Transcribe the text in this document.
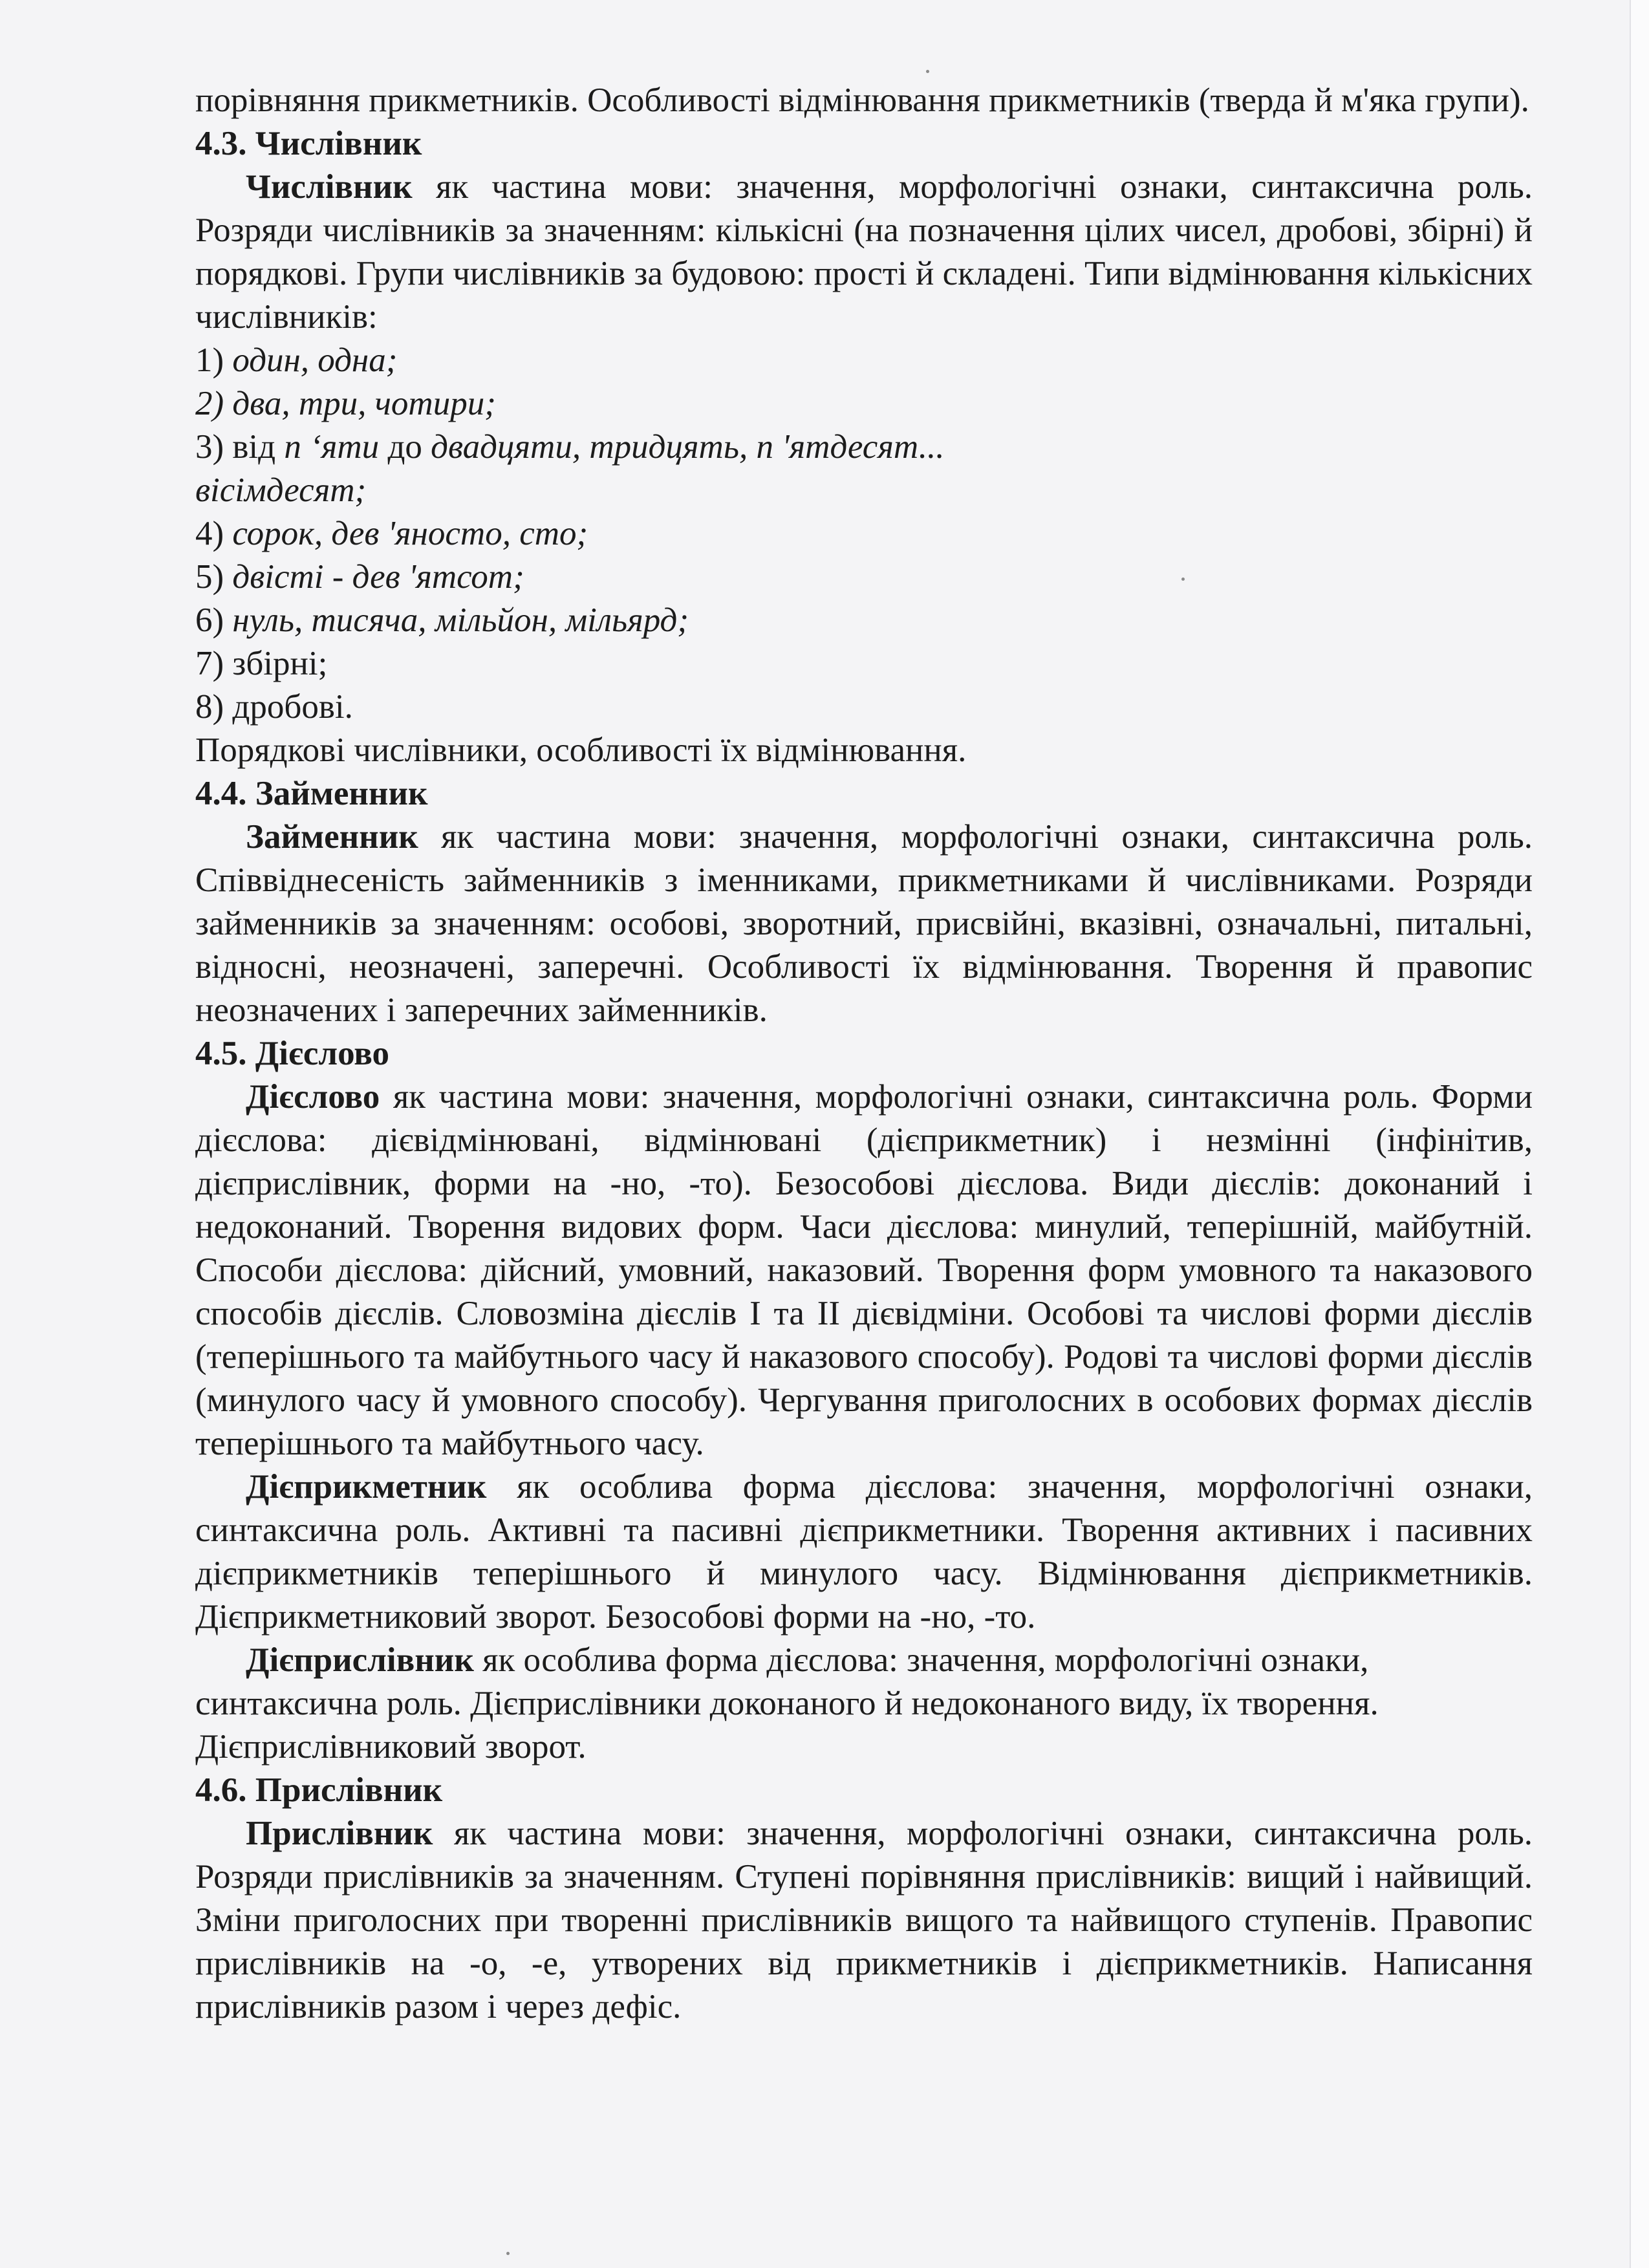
порівняння прикметників. Особливості відмінювання прикметників (тверда й м'яка групи).

4.3. Числівник

Числівник як частина мови: значення, морфологічні ознаки, синтаксична роль. Розряди числівників за значенням: кількісні (на позначення цілих чисел, дробові, збірні) й порядкові. Групи числівників за будовою: прості й складені. Типи відмінювання кількісних числівників:

1) один, одна;

2) два, три, чотири;

3) від п ‘яти до двадцяти, тридцять, п 'ятдесят...

вісімдесят;

4) сорок, дев 'яносто, сто;

5) двісті - дев 'ятсот;

6) нуль, тисяча, мільйон, мільярд;

7) збірні;

8) дробові.

Порядкові числівники, особливості їх відмінювання.

4.4. Займенник

Займенник як частина мови: значення, морфологічні ознаки, синтаксична роль. Співвіднесеність займенників з іменниками, прикметниками й числівниками. Розряди займенників за значенням: особові, зворотний, присвійні, вказівні, означальні, питальні, відносні, неозначені, заперечні. Особливості їх відмінювання. Творення й правопис неозначених і заперечних займенників.

4.5. Дієслово

Дієслово як частина мови: значення, морфологічні ознаки, синтаксична роль. Форми дієслова: дієвідмінювані, відмінювані (дієприкметник) і незмінні (інфінітив, дієприслівник, форми на -но, -то). Безособові дієслова. Види дієслів: доконаний і недоконаний. Творення видових форм. Часи дієслова: минулий, теперішній, майбутній. Способи дієслова: дійсний, умовний, наказовий. Творення форм умовного та наказового способів дієслів. Словозміна дієслів І та II дієвідміни. Особові та числові форми дієслів (теперішнього та майбутнього часу й наказового способу). Родові та числові форми дієслів (минулого часу й умовного способу). Чергування приголосних в особових формах дієслів теперішнього та майбутнього часу.

Дієприкметник як особлива форма дієслова: значення, морфологічні ознаки, синтаксична роль. Активні та пасивні дієприкметники. Творення активних і пасивних дієприкметників теперішнього й минулого часу. Відмінювання дієприкметників. Дієприкметниковий зворот. Безособові форми на -но, -то.

Дієприслівник як особлива форма дієслова: значення, морфологічні ознаки,

синтаксична роль. Дієприслівники доконаного й недоконаного виду, їх творення.

Дієприслівниковий зворот.

4.6. Прислівник

Прислівник як частина мови: значення, морфологічні ознаки, синтаксична роль. Розряди прислівників за значенням. Ступені порівняння прислівників: вищий і найвищий. Зміни приголосних при творенні прислівників вищого та найвищого ступенів. Правопис прислівників на -о, -е, утворених від прикметників і дієприкметників. Написання прислівників разом і через дефіс.
